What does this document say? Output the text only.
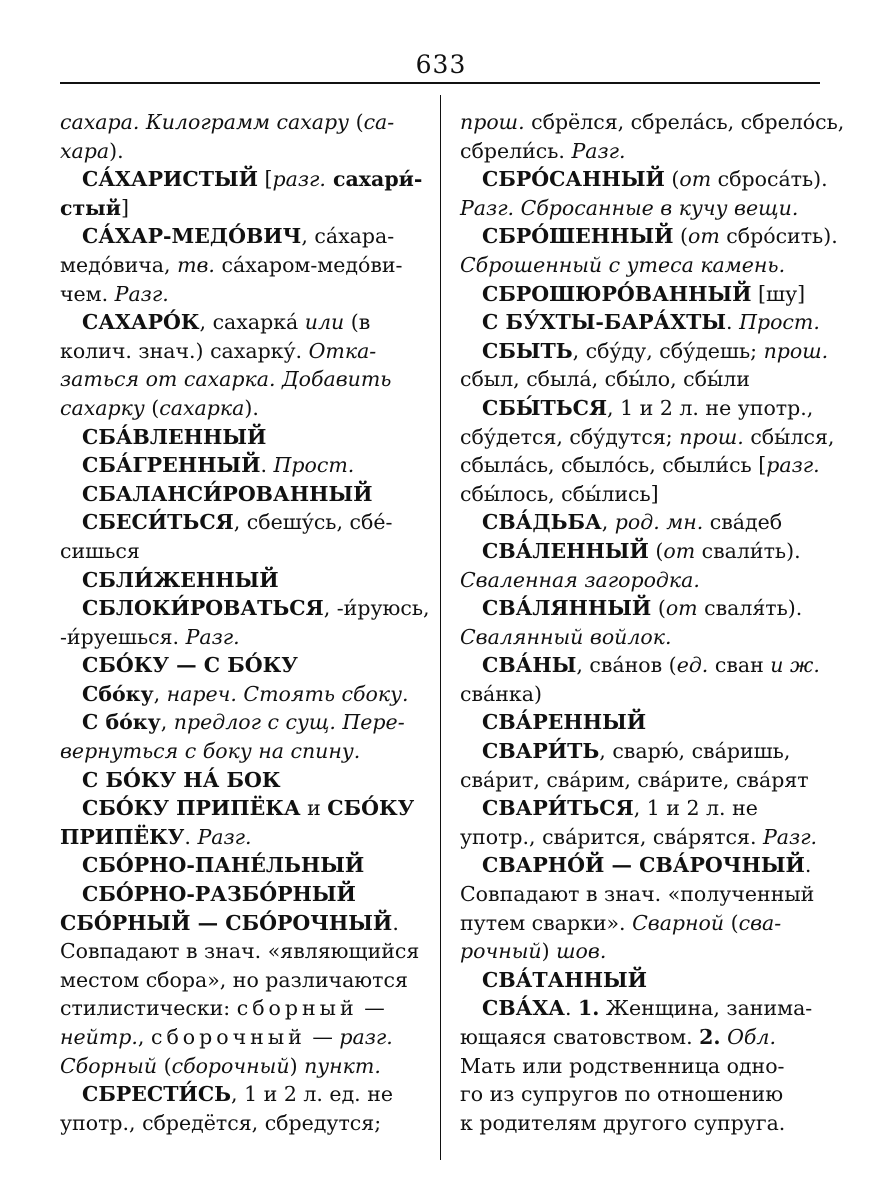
633
сахара. Килограмм сахару (са-
хара).
СА́ХАРИСТЫЙ [разг. сахари́-
стый]
СА́ХАР-МЕДО́ВИЧ, са́хара-
медо́вича, тв. са́харом-медо́ви-
чем. Разг.
САХАРО́К, сахарка́ или (в
колич. знач.) сахарку́. Отка-
заться от сахарка. Добавить
сахарку (сахарка).
СБА́ВЛЕННЫЙ
СБА́ГРЕННЫЙ. Прост.
СБАЛАНСИ́РОВАННЫЙ
СБЕСИ́ТЬСЯ, сбешу́сь, сбе́-
сишься
СБЛИ́ЖЕННЫЙ
СБЛОКИ́РОВАТЬСЯ, -и́руюсь,
-и́руешься. Разг.
СБО́КУ — С БО́КУ
Сбо́ку, нареч. Стоять сбоку.
С бо́ку, предлог с сущ. Пере-
вернуться с боку на спину.
С БО́КУ НА́ БОК
СБО́КУ ПРИПЁКА и СБО́КУ
ПРИПЁКУ. Разг.
СБО́РНО-ПАНЕ́ЛЬНЫЙ
СБО́РНО-РАЗБО́РНЫЙ
СБО́РНЫЙ — СБО́РОЧНЫЙ.
Совпадают в знач. «являющийся
местом сбора», но различаются
стилистически: сборный —
нейтр., сборочный — разг.
Сборный (сборочный) пункт.
СБРЕСТИ́СЬ, 1 и 2 л. ед. не
употр., сбредётся, сбредутся;
прош. сбрёлся, сбрела́сь, сбрело́сь,
сбрели́сь. Разг.
СБРО́САННЫЙ (от сброса́ть).
Разг. Сбросанные в кучу вещи.
СБРО́ШЕННЫЙ (от сбро́сить).
Сброшенный с утеса камень.
СБРОШЮРО́ВАННЫЙ [шу]
С БУ́ХТЫ-БАРА́ХТЫ. Прост.
СБЫТЬ, сбу́ду, сбу́дешь; прош.
сбыл, сбыла́, сбы́ло, сбы́ли
СБЫ́ТЬСЯ, 1 и 2 л. не употр.,
сбу́дется, сбу́дутся; прош. сбы́лся,
сбыла́сь, сбыло́сь, сбыли́сь [разг.
сбы́лось, сбы́лись]
СВА́ДЬБА, род. мн. сва́деб
СВА́ЛЕННЫЙ (от свали́ть).
Сваленная загородка.
СВА́ЛЯННЫЙ (от сваля́ть).
Свалянный войлок.
СВА́НЫ, сва́нов (ед. сван и ж.
сва́нка)
СВА́РЕННЫЙ
СВАРИ́ТЬ, сварю́, сва́ришь,
сва́рит, сва́рим, сва́рите, сва́рят
СВАРИ́ТЬСЯ, 1 и 2 л. не
употр., сва́рится, сва́рятся. Разг.
СВАРНО́Й — СВА́РОЧНЫЙ.
Совпадают в знач. «полученный
путем сварки». Сварной (сва-
рочный) шов.
СВА́ТАННЫЙ
СВА́ХА. 1. Женщина, занима-
ющаяся сватовством. 2. Обл.
Мать или родственница одно-
го из супругов по отношению
к родителям другого супруга.
